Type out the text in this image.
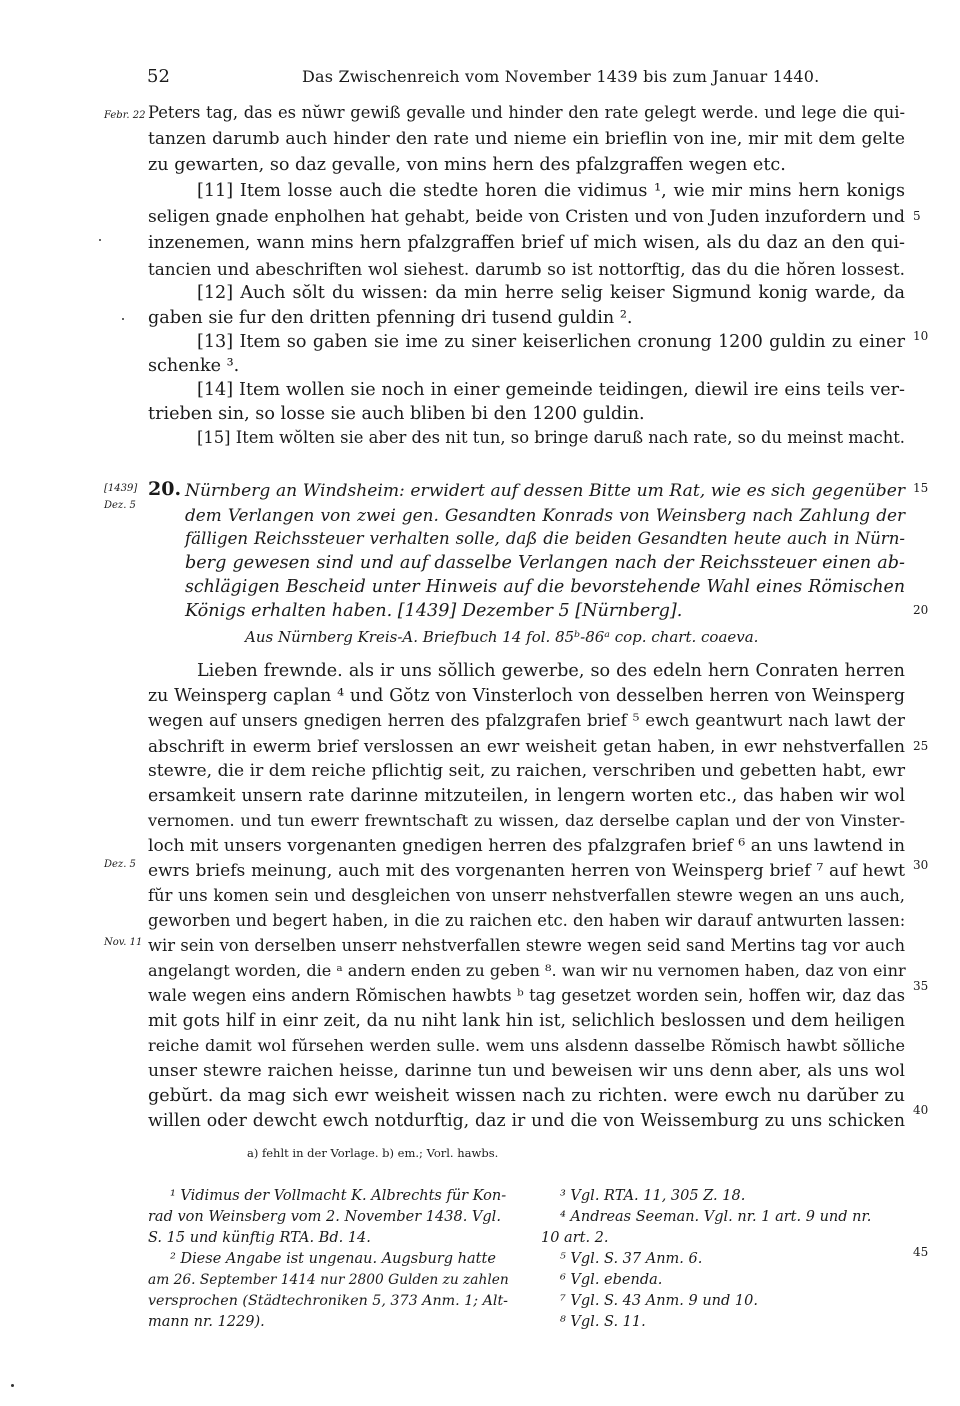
52	Das Zwischenreich vom November 1439 bis zum Januar 1440.
Febr. 22
[1439]
Dez. 5
Dez. 5
Nov. 11
5
10
15
20
25
30
35
40
45
Peters tag, das es nŭwr gewiß gevalle und hinder den rate gelegt werde. und lege die qui-
tanzen darumb auch hinder den rate und nieme ein brieflin von ine, mir mit dem gelte
zu gewarten, so daz gevalle, von mins hern des pfalzgraffen wegen etc.
[11] Item losse auch die stedte horen die vidimus ¹, wie mir mins hern konigs
seligen gnade enpholhen hat gehabt, beide von Cristen und von Juden inzufordern und
inzenemen, wann mins hern pfalzgraffen brief uf mich wisen, als du daz an den qui-
tancien und abeschriften wol siehest. darumb so ist nottorftig, das du die hŏren lossest.
[12] Auch sŏlt du wissen: da min herre selig keiser Sigmund konig warde, da
gaben sie fur den dritten pfenning dri tusend guldin ².
[13] Item so gaben sie ime zu siner keiserlichen cronung 1200 guldin zu einer
schenke ³.
[14] Item wollen sie noch in einer gemeinde teidingen, diewil ire eins teils ver-
trieben sin, so losse sie auch bliben bi den 1200 guldin.
[15] Item wŏlten sie aber des nit tun, so bringe daruß nach rate, so du meinst macht.
20. Nürnberg an Windsheim: erwidert auf dessen Bitte um Rat, wie es sich gegenüber
dem Verlangen von zwei gen. Gesandten Konrads von Weinsberg nach Zahlung der
fälligen Reichssteuer verhalten solle, daß die beiden Gesandten heute auch in Nürn-
berg gewesen sind und auf dasselbe Verlangen nach der Reichssteuer einen ab-
schlägigen Bescheid unter Hinweis auf die bevorstehende Wahl eines Römischen
Königs erhalten haben. [1439] Dezember 5 [Nürnberg].
Aus Nürnberg Kreis-A. Briefbuch 14 fol. 85ᵇ-86ᵃ cop. chart. coaeva.
Lieben frewnde. als ir uns sŏllich gewerbe, so des edeln hern Conraten herren
zu Weinsperg caplan ⁴ und Gŏtz von Vinsterloch von desselben herren von Weinsperg
wegen auf unsers gnedigen herren des pfalzgrafen brief ⁵ ewch geantwurt nach lawt der
abschrift in ewerm brief verslossen an ewr weisheit getan haben, in ewr nehstverfallen
stewre, die ir dem reiche pflichtig seit, zu raichen, verschriben und gebetten habt, ewr
ersamkeit unsern rate darinne mitzuteilen, in lengern worten etc., das haben wir wol
vernomen. und tun ewerr frewntschaft zu wissen, daz derselbe caplan und der von Vinster-
loch mit unsers vorgenanten gnedigen herren des pfalzgrafen brief ⁶ an uns lawtend in
ewrs briefs meinung, auch mit des vorgenanten herren von Weinsperg brief ⁷ auf hewt
fŭr uns komen sein und desgleichen von unserr nehstverfallen stewre wegen an uns auch,
geworben und begert haben, in die zu raichen etc. den haben wir darauf antwurten lassen:
wir sein von derselben unserr nehstverfallen stewre wegen seid sand Mertins tag vor auch
angelangt worden, die ᵃ andern enden zu geben ⁸. wan wir nu vernomen haben, daz von einr
wale wegen eins andern Rŏmischen hawbts ᵇ tag gesetzet worden sein, hoffen wir, daz das
mit gots hilf in einr zeit, da nu niht lank hin ist, selichlich beslossen und dem heiligen
reiche damit wol fŭrsehen werden sulle. wem uns alsdenn dasselbe Rŏmisch hawbt sŏlliche
unser stewre raichen heisse, darinne tun und beweisen wir uns denn aber, als uns wol
gebŭrt. da mag sich ewr weisheit wissen nach zu richten. were ewch nu darŭber zu
willen oder dewcht ewch notdurftig, daz ir und die von Weissemburg zu uns schicken
a) fehlt in der Vorlage. b) em.; Vorl. hawbs.
¹ Vidimus der Vollmacht K. Albrechts für Kon-
rad von Weinsberg vom 2. November 1438. Vgl.
S. 15 und künftig RTA. Bd. 14.
² Diese Angabe ist ungenau. Augsburg hatte
am 26. September 1414 nur 2800 Gulden zu zahlen
versprochen (Städtechroniken 5, 373 Anm. 1; Alt-
mann nr. 1229).
³ Vgl. RTA. 11, 305 Z. 18.
⁴ Andreas Seeman. Vgl. nr. 1 art. 9 und nr.
10 art. 2.
⁵ Vgl. S. 37 Anm. 6.
⁶ Vgl. ebenda.
⁷ Vgl. S. 43 Anm. 9 und 10.
⁸ Vgl. S. 11.
